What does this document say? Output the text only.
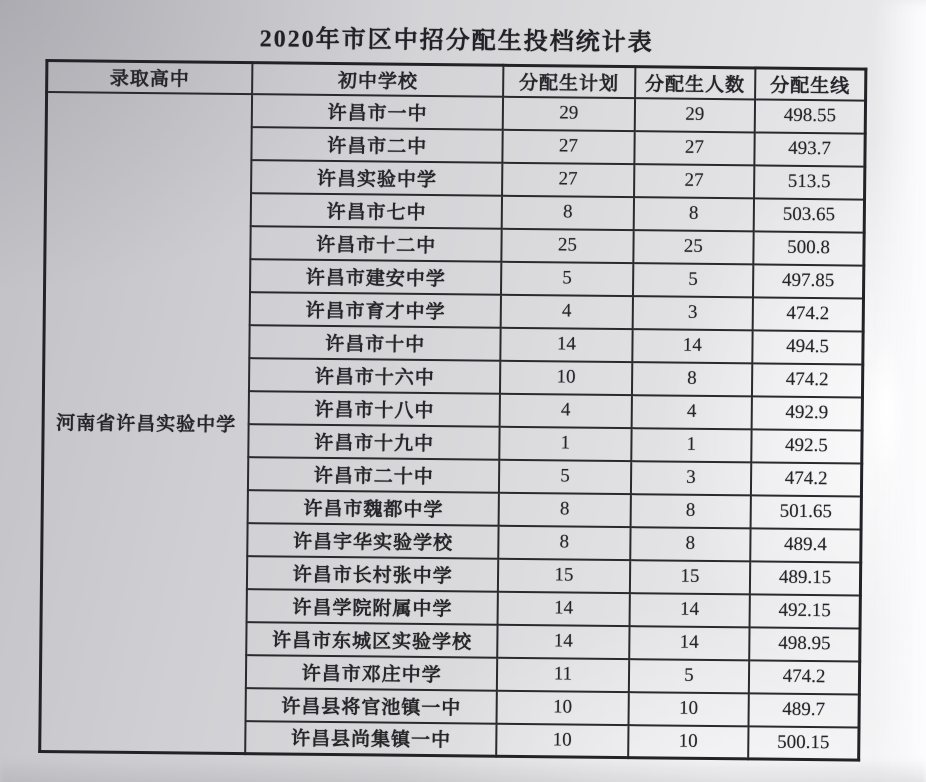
2020年市区中招分配生投档统计表
录取高中	初中学校	分配生计划	分配生人数	分配生线
河南省许昌实验中学	许昌市一中	29	29	498.55
	许昌市二中	27	27	493.7
	许昌实验中学	27	27	513.5
	许昌市七中	8	8	503.65
	许昌市十二中	25	25	500.8
	许昌市建安中学	5	5	497.85
	许昌市育才中学	4	3	474.2
	许昌市十中	14	14	494.5
	许昌市十六中	10	8	474.2
	许昌市十八中	4	4	492.9
	许昌市十九中	1	1	492.5
	许昌市二十中	5	3	474.2
	许昌市魏都中学	8	8	501.65
	许昌宇华实验学校	8	8	489.4
	许昌市长村张中学	15	15	489.15
	许昌学院附属中学	14	14	492.15
	许昌市东城区实验学校	14	14	498.95
	许昌市邓庄中学	11	5	474.2
	许昌县将官池镇一中	10	10	489.7
	许昌县尚集镇一中	10	10	500.15
